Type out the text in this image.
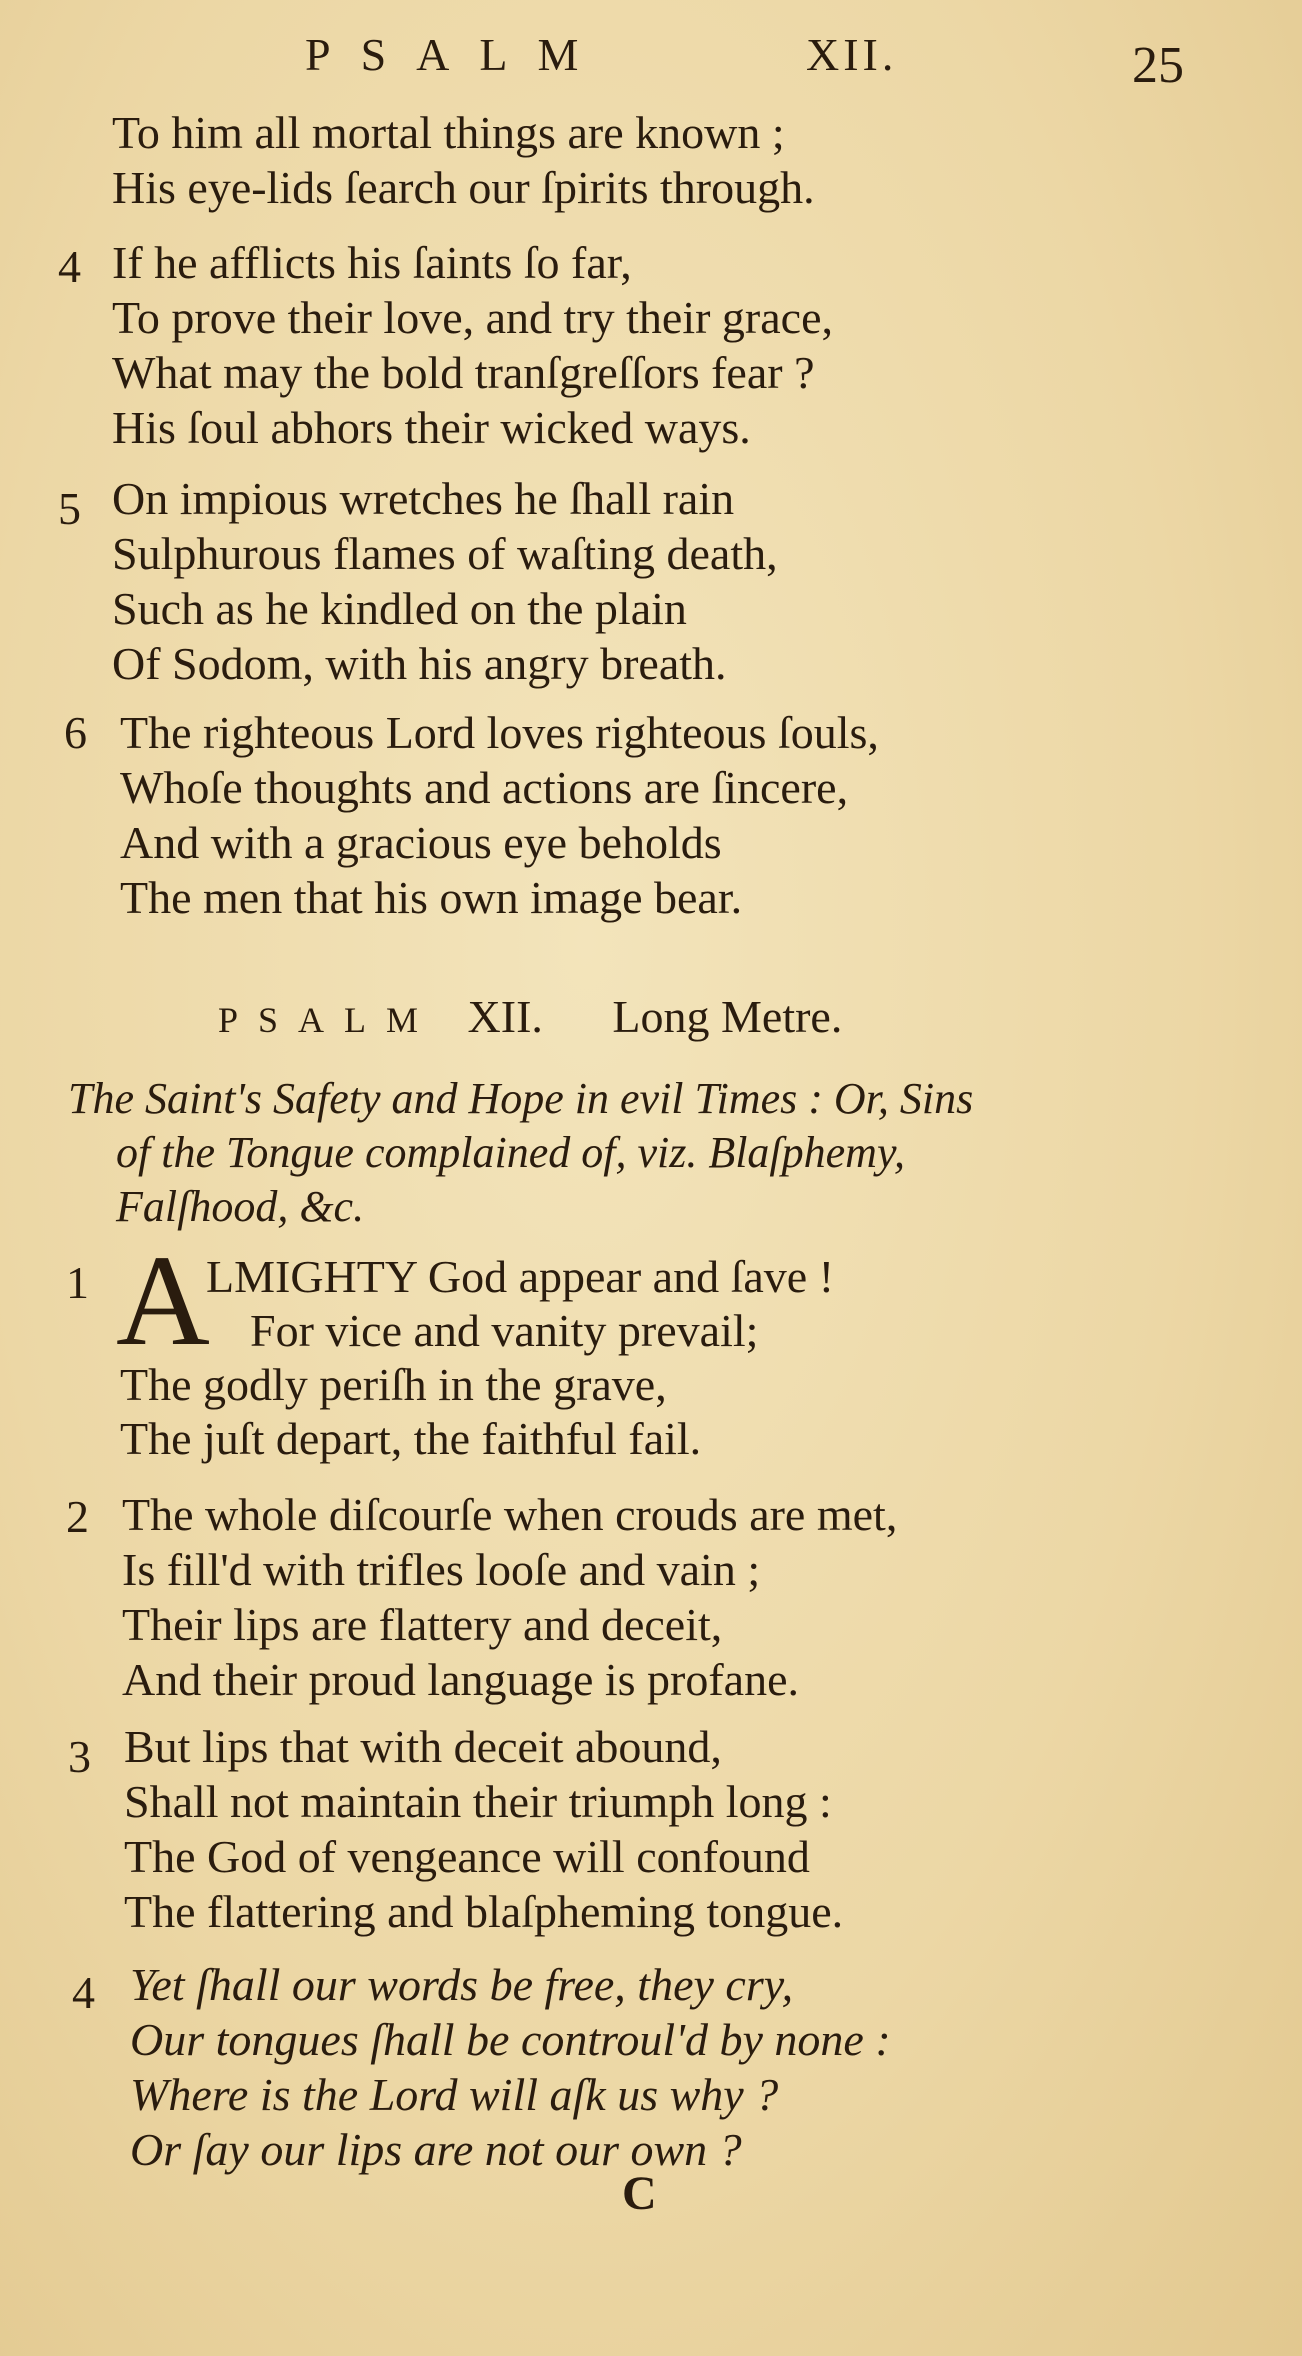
PSALM	XII.	25
To him all mortal things are known ;
His eye-lids ſearch our ſpirits through.
4 If he afflicts his ſaints ſo far,
To prove their love, and try their grace,
What may the bold tranſgreſſors fear ?
His ſoul abhors their wicked ways.
5 On impious wretches he ſhall rain
Sulphurous flames of waſting death,
Such as he kindled on the plain
Of Sodom, with his angry breath.
6 The righteous Lord loves righteous ſouls,
Whoſe thoughts and actions are ſincere,
And with a gracious eye beholds
The men that his own image bear.
PSALM XII. Long Metre.
The Saint's Safety and Hope in evil Times : Or, Sins
of the Tongue complained of, viz. Blaſphemy,
Falſhood, &c.
1 A
LMIGHTY God appear and ſave !
For vice and vanity prevail;
The godly periſh in the grave,
The juſt depart, the faithful fail.
2 The whole diſcourſe when crouds are met,
Is fill'd with trifles looſe and vain ;
Their lips are flattery and deceit,
And their proud language is profane.
3 But lips that with deceit abound,
Shall not maintain their triumph long :
The God of vengeance will confound
The flattering and blaſpheming tongue.
4 Yet ſhall our words be free, they cry,
Our tongues ſhall be controul'd by none :
Where is the Lord will aſk us why ?
Or ſay our lips are not our own ?
C
